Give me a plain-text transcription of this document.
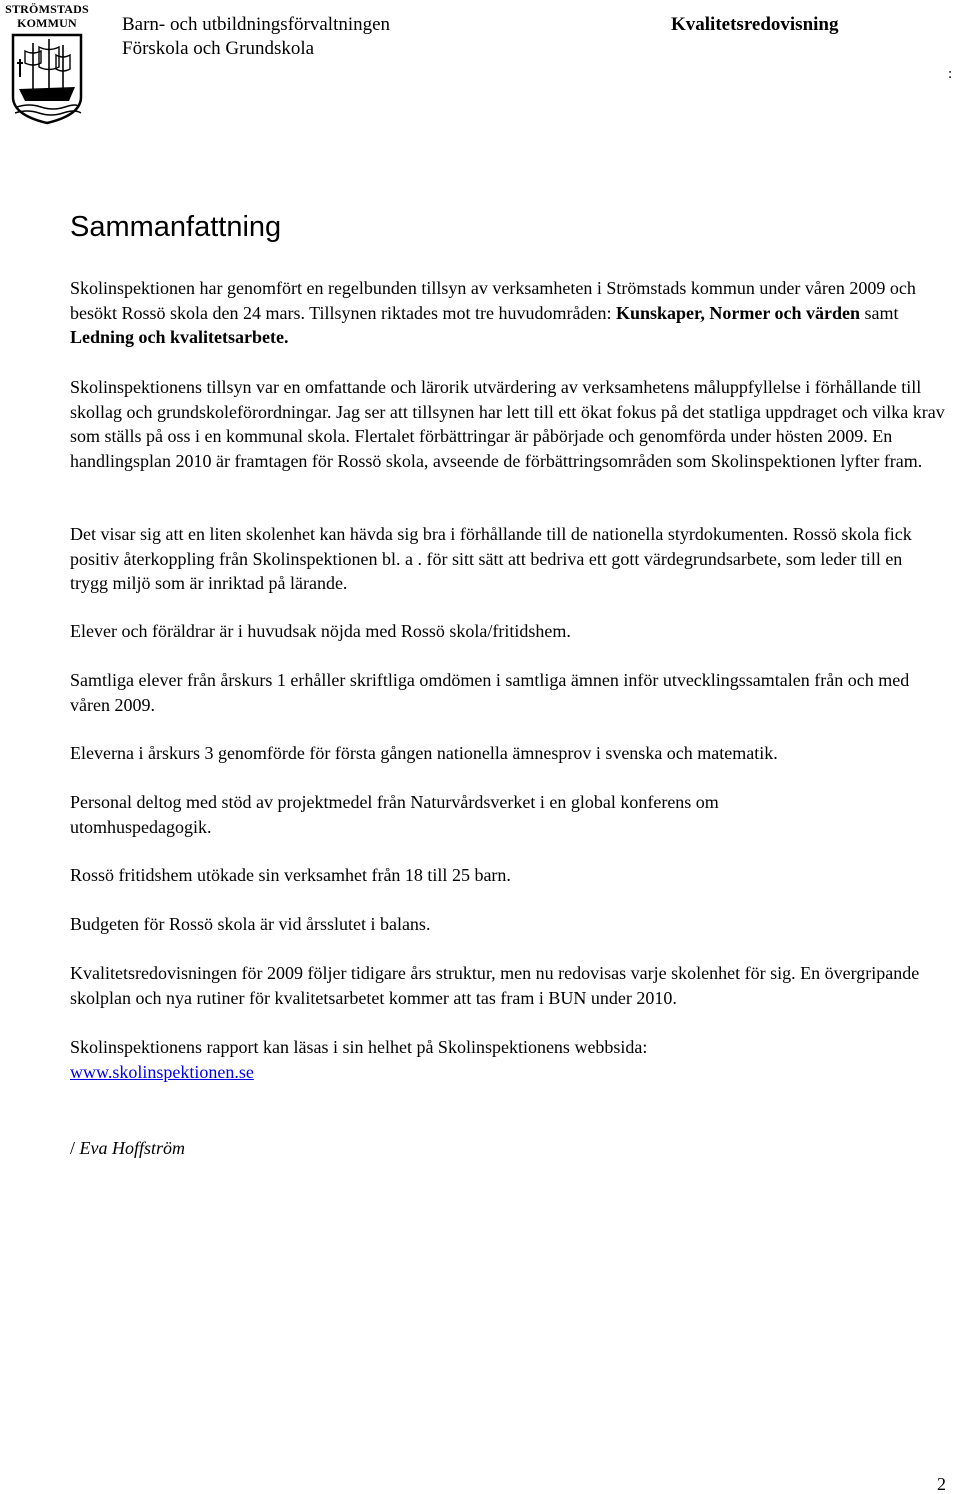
STRÖMSTADS
KOMMUN	Barn- och utbildningsförvaltningen
Förskola och Grundskola
Kvalitetsredovisning
:
Sammanfattning

Skolinspektionen har genomfört en regelbunden tillsyn av verksamheten i Strömstads kommun under våren 2009 och besökt Rossö skola den 24 mars. Tillsynen riktades mot tre huvudområden: Kunskaper, Normer och värden samt Ledning och kvalitetsarbete.

Skolinspektionens tillsyn var en omfattande och lärorik utvärdering av verksamhetens måluppfyllelse i förhållande till skollag och grundskoleförordningar. Jag ser att tillsynen har lett till ett ökat fokus på det statliga uppdraget och vilka krav som ställs på oss i en kommunal skola. Flertalet förbättringar är påbörjade och genomförda under hösten 2009. En handlingsplan 2010 är framtagen för Rossö skola, avseende de förbättringsområden som Skolinspektionen lyfter fram.

Det visar sig att en liten skolenhet kan hävda sig bra i förhållande till de nationella styrdokumenten. Rossö skola fick positiv återkoppling från Skolinspektionen bl. a . för sitt sätt att bedriva ett gott värdegrundsarbete, som leder till en trygg miljö som är inriktad på lärande.

Elever och föräldrar är i huvudsak nöjda med Rossö skola/fritidshem.

Samtliga elever från årskurs 1 erhåller skriftliga omdömen i samtliga ämnen inför utvecklingssamtalen från och med våren 2009.

Eleverna i årskurs 3 genomförde för första gången nationella ämnesprov i svenska och matematik.

Personal deltog med stöd av projektmedel från Naturvårdsverket i en global konferens om utomhuspedagogik.

Rossö fritidshem utökade sin verksamhet från 18 till 25 barn.

Budgeten för Rossö skola är vid årsslutet i balans.

Kvalitetsredovisningen för 2009 följer tidigare års struktur, men nu redovisas varje skolenhet för sig. En övergripande skolplan och nya rutiner för kvalitetsarbetet kommer att tas fram i BUN under 2010.

Skolinspektionens rapport kan läsas i sin helhet på Skolinspektionens webbsida:
www.skolinspektionen.se

/ Eva Hoffström
2
